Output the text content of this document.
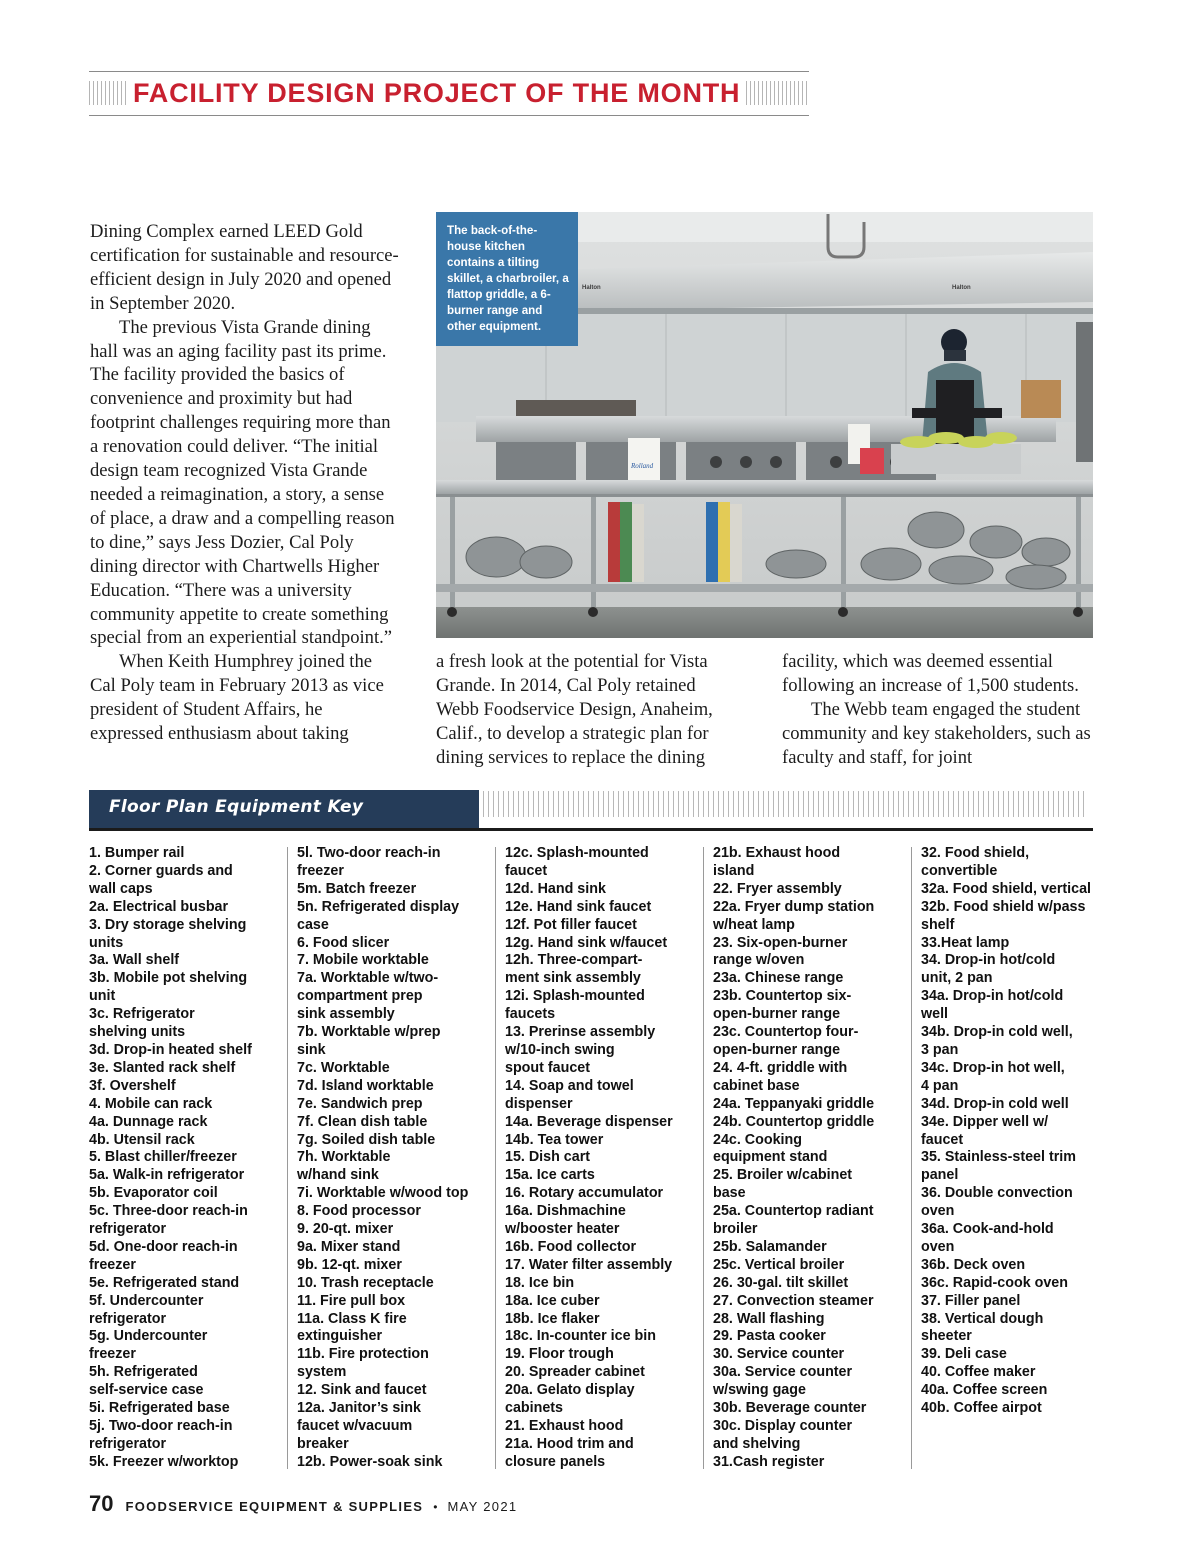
FACILITY DESIGN PROJECT OF THE MONTH

Dining Complex earned LEED Gold certification for sustainable and resource-efficient design in July 2020 and opened in September 2020.

The previous Vista Grande dining hall was an aging facility past its prime. The facility provided the basics of convenience and proximity but had footprint challenges requiring more than a renovation could deliver. “The initial design team recognized Vista Grande needed a reimagination, a story, a sense of place, a draw and a compelling reason to dine,” says Jess Dozier, Cal Poly dining director with Chartwells Higher Education. “There was a university community appetite to create something special from an experiential standpoint.”

When Keith Humphrey joined the Cal Poly team in February 2013 as vice president of Student Affairs, he expressed enthusiasm about taking

a fresh look at the potential for Vista Grande. In 2014, Cal Poly retained Webb Foodservice Design, Anaheim, Calif., to develop a strategic plan for dining services to replace the dining

facility, which was deemed essential following an increase of 1,500 students.

The Webb team engaged the student community and key stakeholders, such as faculty and staff, for joint

Halton	Halton
Rolland
The back-of-the-house kitchen contains a tilting skillet, a charbroiler, a flattop griddle, a 6-burner range and other equipment.
Floor Plan Equipment Key
1. Bumper rail
2. Corner guards and
wall caps
2a. Electrical busbar
3. Dry storage shelving
units
3a. Wall shelf
3b. Mobile pot shelving
unit
3c. Refrigerator
shelving units
3d. Drop-in heated shelf
3e. Slanted rack shelf
3f. Overshelf
4. Mobile can rack
4a. Dunnage rack
4b. Utensil rack
5. Blast chiller/freezer
5a. Walk-in refrigerator
5b. Evaporator coil
5c. Three-door reach-in
refrigerator
5d. One-door reach-in
freezer
5e. Refrigerated stand
5f. Undercounter
refrigerator
5g. Undercounter
freezer
5h. Refrigerated
self-service case
5i. Refrigerated base
5j. Two-door reach-in
refrigerator
5k. Freezer w/worktop
5l. Two-door reach-in
freezer
5m. Batch freezer
5n. Refrigerated display
case
6. Food slicer
7. Mobile worktable
7a. Worktable w/two-
compartment prep
sink assembly
7b. Worktable w/prep
sink
7c. Worktable
7d. Island worktable
7e. Sandwich prep
7f. Clean dish table
7g. Soiled dish table
7h. Worktable
w/hand sink
7i. Worktable w/wood top
8. Food processor
9. 20-qt. mixer
9a. Mixer stand
9b. 12-qt. mixer
10. Trash receptacle
11. Fire pull box
11a. Class K fire
extinguisher
11b. Fire protection
system
12. Sink and faucet
12a. Janitor’s sink
faucet w/vacuum
breaker
12b. Power-soak sink
12c. Splash-mounted
faucet
12d. Hand sink
12e. Hand sink faucet
12f. Pot filler faucet
12g. Hand sink w/faucet
12h. Three-compart-
ment sink assembly
12i. Splash-mounted
faucets
13. Prerinse assembly
w/10-inch swing
spout faucet
14. Soap and towel
dispenser
14a. Beverage dispenser
14b. Tea tower
15. Dish cart
15a. Ice carts
16. Rotary accumulator
16a. Dishmachine
w/booster heater
16b. Food collector
17. Water filter assembly
18. Ice bin
18a. Ice cuber
18b. Ice flaker
18c. In-counter ice bin
19. Floor trough
20. Spreader cabinet
20a. Gelato display
cabinets
21. Exhaust hood
21a. Hood trim and
closure panels
21b. Exhaust hood
island
22. Fryer assembly
22a. Fryer dump station
w/heat lamp
23. Six-open-burner
range w/oven
23a. Chinese range
23b. Countertop six-
open-burner range
23c. Countertop four-
open-burner range
24. 4-ft. griddle with
cabinet base
24a. Teppanyaki griddle
24b. Countertop griddle
24c. Cooking
equipment stand
25. Broiler w/cabinet
base
25a. Countertop radiant
broiler
25b. Salamander
25c. Vertical broiler
26. 30-gal. tilt skillet
27. Convection steamer
28. Wall flashing
29. Pasta cooker
30. Service counter
30a. Service counter
w/swing gage
30b. Beverage counter
30c. Display counter
and shelving
31.Cash register
32. Food shield,
convertible
32a. Food shield, vertical
32b. Food shield w/pass
shelf
33.Heat lamp
34. Drop-in hot/cold
unit, 2 pan
34a. Drop-in hot/cold
well
34b. Drop-in cold well,
3 pan
34c. Drop-in hot well,
4 pan
34d. Drop-in cold well
34e. Dipper well w/
faucet
35. Stainless-steel trim
panel
36. Double convection
oven
36a. Cook-and-hold
oven
36b. Deck oven
36c. Rapid-cook oven
37. Filler panel
38. Vertical dough
sheeter
39. Deli case
40. Coffee maker
40a. Coffee screen
40b. Coffee airpot
70 FOODSERVICE EQUIPMENT & SUPPLIES • MAY 2021
